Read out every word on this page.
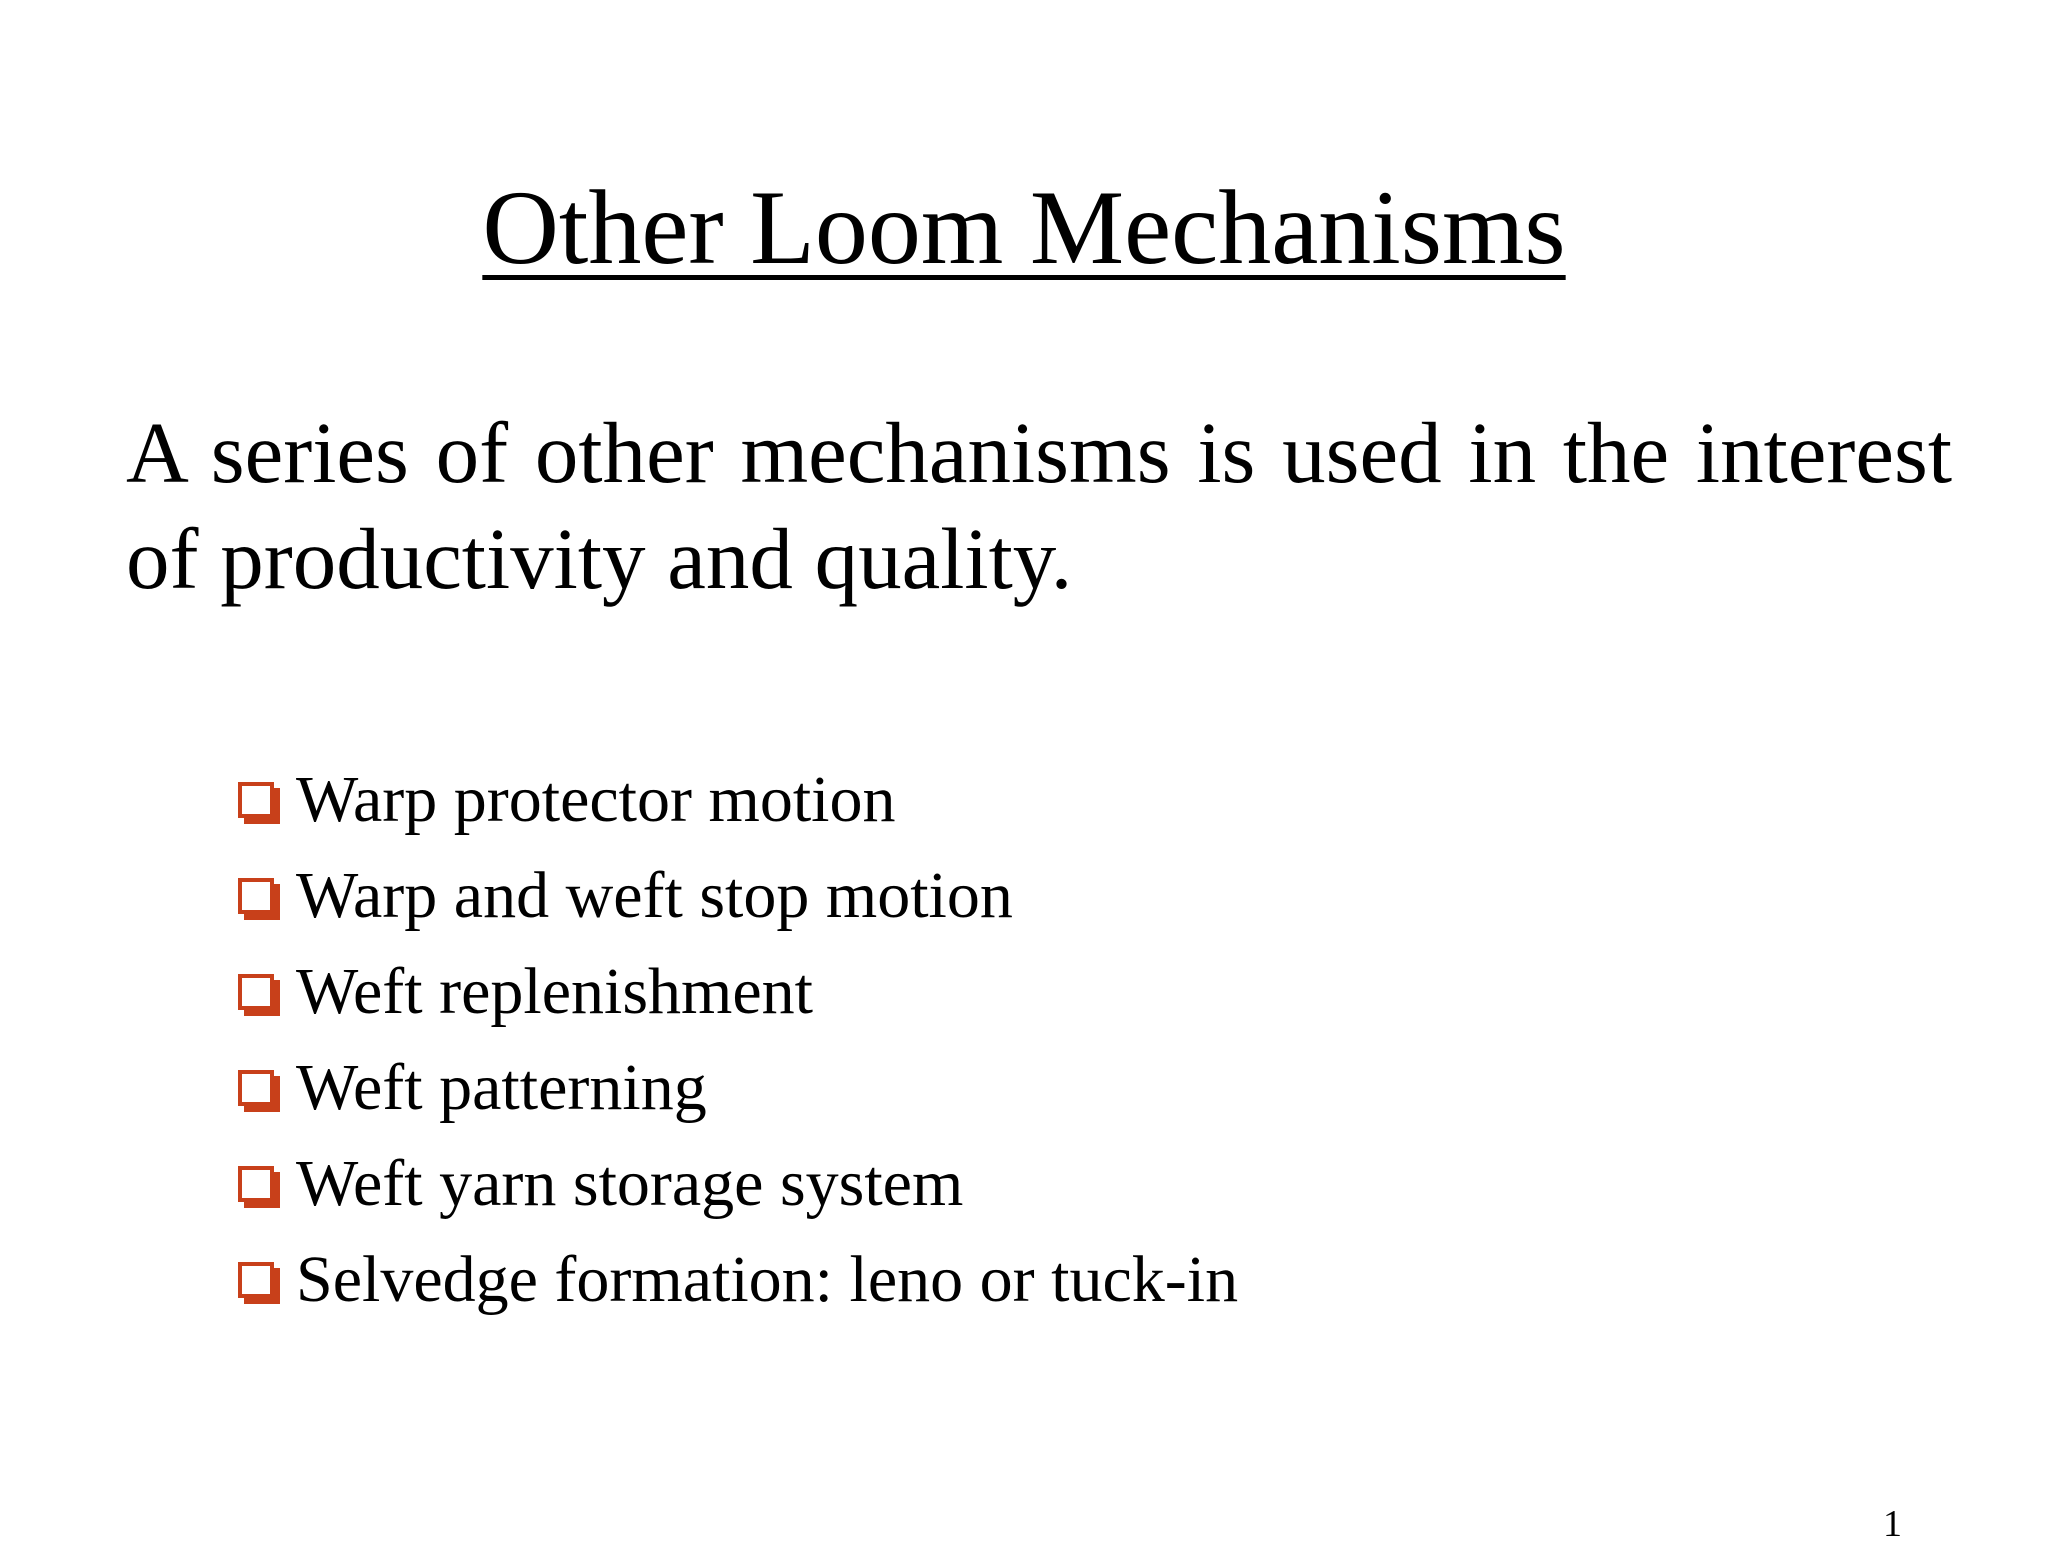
Other Loom Mechanisms

A series of other mechanisms is used in the interest of productivity and quality.

Warp protector motion
Warp and weft stop motion
Weft replenishment
Weft patterning
Weft yarn storage system
Selvedge formation: leno or tuck-in
1
